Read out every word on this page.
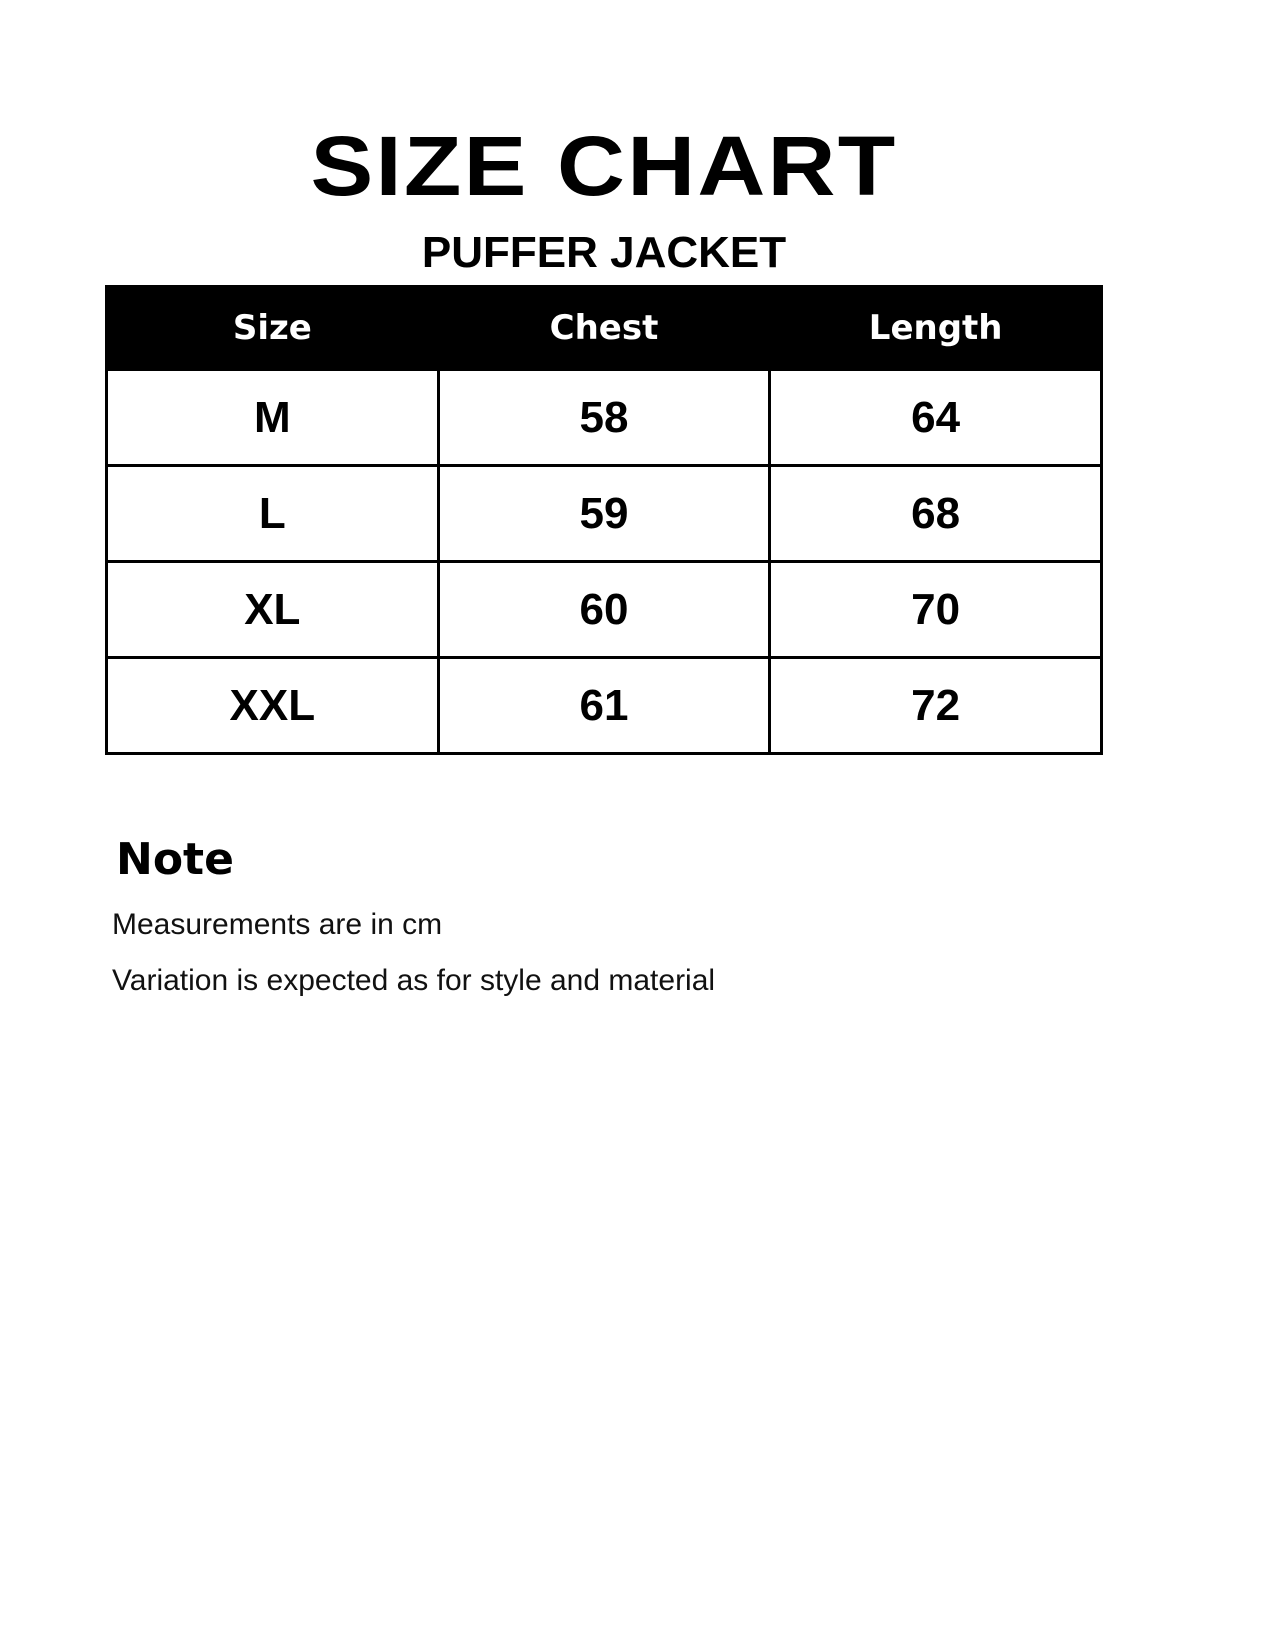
SIZE CHART
PUFFER JACKET
Size	Chest	Length
M	58	64
L	59	68
XL	60	70
XXL	61	72
Note
Measurements are in cm
Variation is expected as for style and material
